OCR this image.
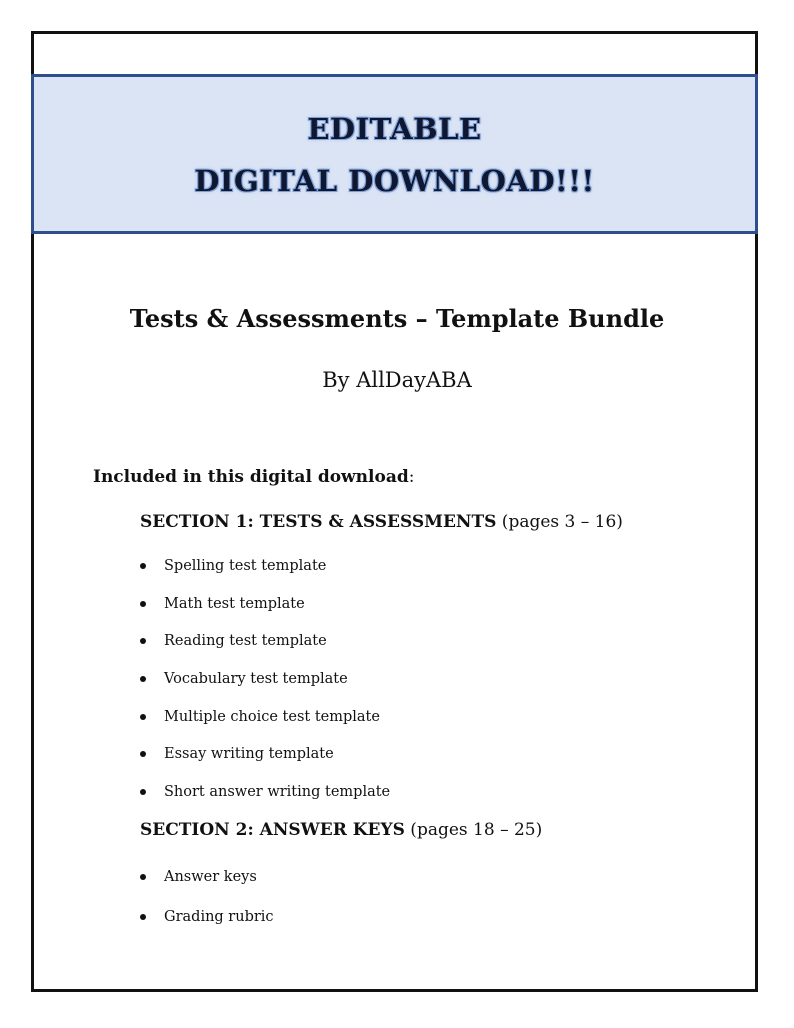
EDITABLE
DIGITAL DOWNLOAD!!!
Tests & Assessments – Template Bundle
By AllDayABA
Included in this digital download:
SECTION 1: TESTS & ASSESSMENTS (pages 3 – 16)
Spelling test template
Math test template
Reading test template
Vocabulary test template
Multiple choice test template
Essay writing template
Short answer writing template
SECTION 2: ANSWER KEYS (pages 18 – 25)
Answer keys
Grading rubric
